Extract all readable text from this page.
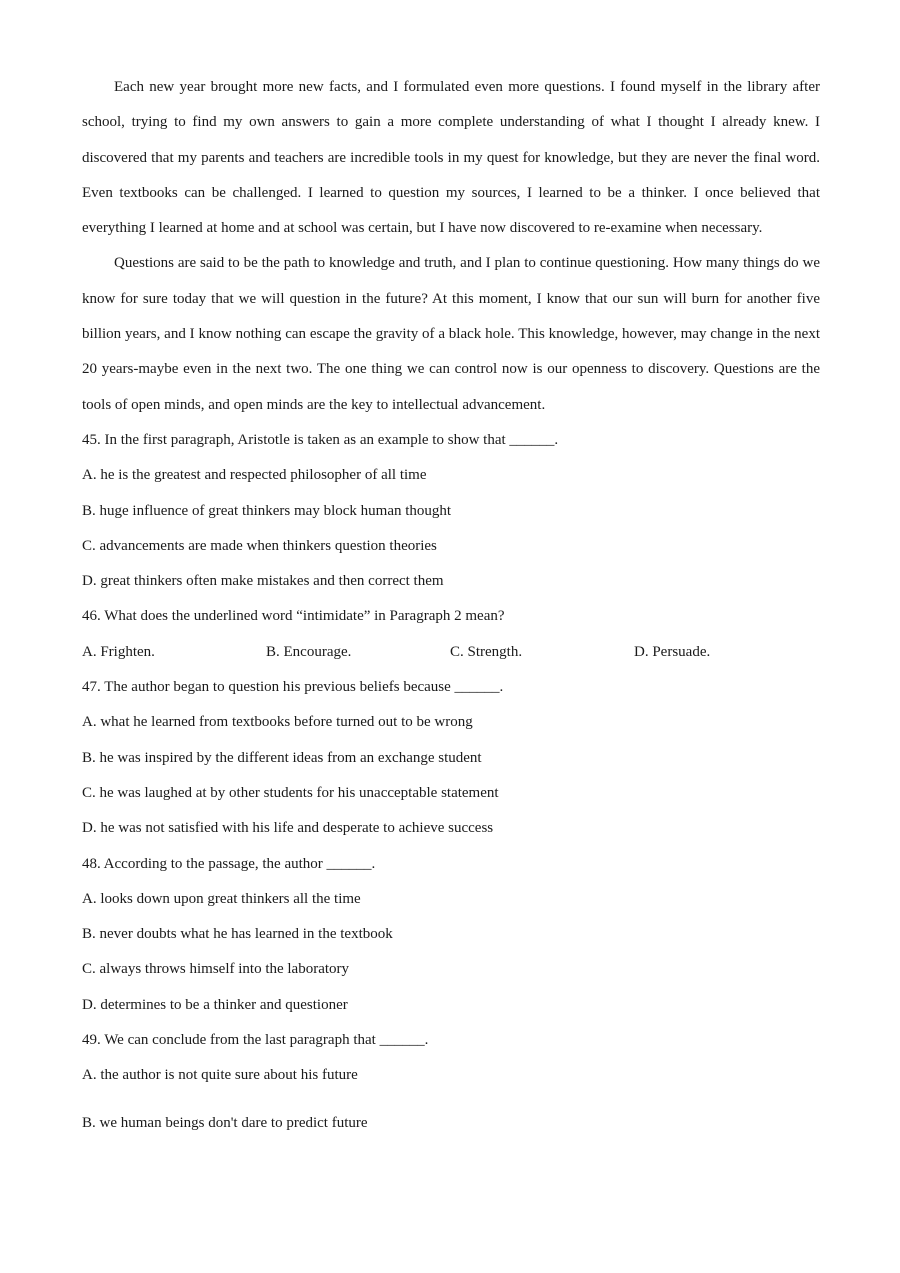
Each new year brought more new facts, and I formulated even more questions. I found myself in the library after school, trying to find my own answers to gain a more complete understanding of what I thought I already knew. I discovered that my parents and teachers are incredible tools in my quest for knowledge, but they are never the final word. Even textbooks can be challenged. I learned to question my sources, I learned to be a thinker. I once believed that everything I learned at home and at school was certain, but I have now discovered to re-examine when necessary.

Questions are said to be the path to knowledge and truth, and I plan to continue questioning. How many things do we know for sure today that we will question in the future? At this moment, I know that our sun will burn for another five billion years, and I know nothing can escape the gravity of a black hole. This knowledge, however, may change in the next 20 years-maybe even in the next two. The one thing we can control now is our openness to discovery. Questions are the tools of open minds, and open minds are the key to intellectual advancement.

45. In the first paragraph, Aristotle is taken as an example to show that ______.
A. he is the greatest and respected philosopher of all time
B. huge influence of great thinkers may block human thought
C. advancements are made when thinkers question theories
D. great thinkers often make mistakes and then correct them
46. What does the underlined word “intimidate” in Paragraph 2 mean?
A. Frighten.	B. Encourage.	C. Strength.	D. Persuade.
47. The author began to question his previous beliefs because ______.
A. what he learned from textbooks before turned out to be wrong
B. he was inspired by the different ideas from an exchange student
C. he was laughed at by other students for his unacceptable statement
D. he was not satisfied with his life and desperate to achieve success
48. According to the passage, the author ______.
A. looks down upon great thinkers all the time
B. never doubts what he has learned in the textbook
C. always throws himself into the laboratory
D. determines to be a thinker and questioner
49. We can conclude from the last paragraph that ______.
A. the author is not quite sure about his future
B. we human beings don't dare to predict future
